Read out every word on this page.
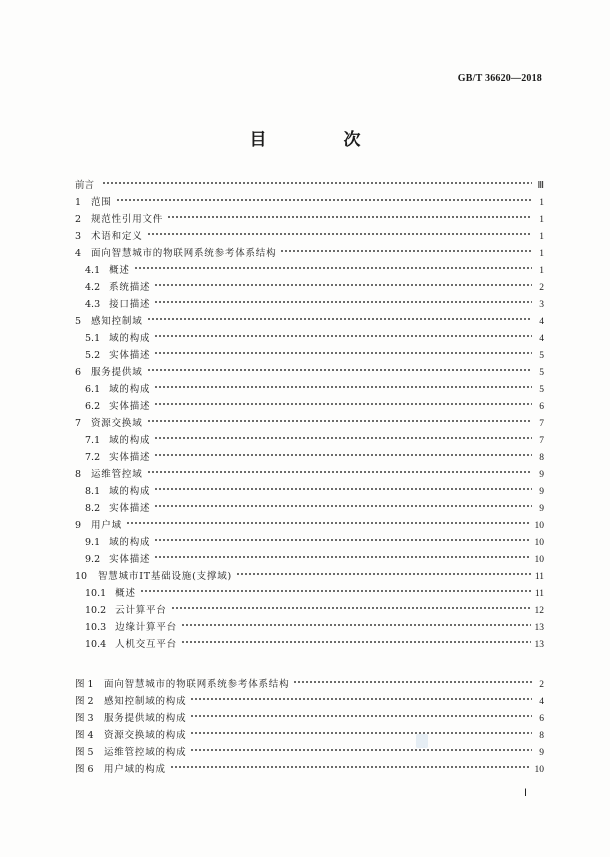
GB/T 36620—2018
目　次
前言	Ⅲ
1	范围	1
2	规范性引用文件	1
3	术语和定义	1
4	面向智慧城市的物联网系统参考体系结构	1
4.1 概述	1
4.2 系统描述	2
4.3 接口描述	3
5	感知控制域	4
5.1 域的构成	4
5.2 实体描述	5
6	服务提供域	5
6.1 域的构成	5
6.2 实体描述	6
7	资源交换域	7
7.1 域的构成	7
7.2 实体描述	8
8	运维管控域	9
8.1 域的构成	9
8.2 实体描述	9
9	用户域	10
9.1 域的构成	10
9.2 实体描述	10
10	智慧城市IT基础设施(支撑域)	11
10.1 概述	11
10.2 云计算平台	12
10.3 边缘计算平台	13
10.4 人机交互平台	13
图 1	面向智慧城市的物联网系统参考体系结构	2
图 2	感知控制域的构成	4
图 3	服务提供域的构成	6
图 4	资源交换域的构成	8
图 5	运维管控域的构成	9
图 6	用户域的构成	10
Ⅰ
